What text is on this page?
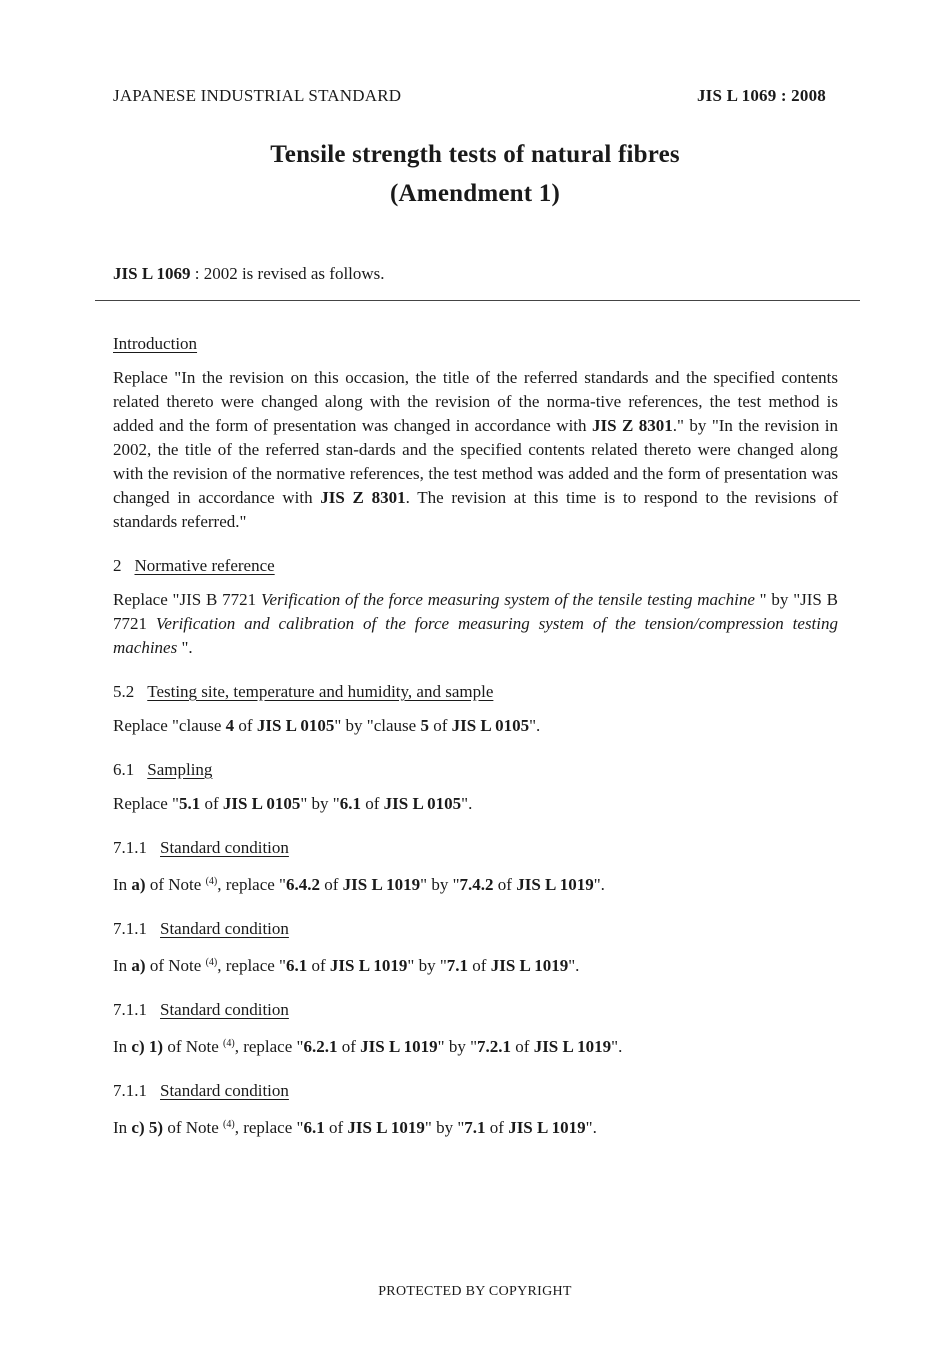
JAPANESE INDUSTRIAL STANDARD	JIS L 1069 : 2008
Tensile strength tests of natural fibres
(Amendment 1)
JIS L 1069 : 2002 is revised as follows.
Introduction
Replace "In the revision on this occasion, the title of the referred standards and the specified contents related thereto were changed along with the revision of the norma-tive references, the test method is added and the form of presentation was changed in accordance with JIS Z 8301." by "In the revision in 2002, the title of the referred stan-dards and the specified contents related thereto were changed along with the revision of the normative references, the test method was added and the form of presentation was changed in accordance with JIS Z 8301. The revision at this time is to respond to the revisions of standards referred."
2 Normative reference
Replace "JIS B 7721 Verification of the force measuring system of the tensile testing machine " by "JIS B 7721 Verification and calibration of the force measuring system of the tension/compression testing machines ".
5.2 Testing site, temperature and humidity, and sample
Replace "clause 4 of JIS L 0105" by "clause 5 of JIS L 0105".
6.1 Sampling
Replace "5.1 of JIS L 0105" by "6.1 of JIS L 0105".
7.1.1 Standard condition
In a) of Note $^{(4)}$, replace "6.4.2 of JIS L 1019" by "7.4.2 of JIS L 1019".
7.1.1 Standard condition
In a) of Note $^{(4)}$, replace "6.1 of JIS L 1019" by "7.1 of JIS L 1019".
7.1.1 Standard condition
In c) 1) of Note $^{(4)}$, replace "6.2.1 of JIS L 1019" by "7.2.1 of JIS L 1019".
7.1.1 Standard condition
In c) 5) of Note $^{(4)}$, replace "6.1 of JIS L 1019" by "7.1 of JIS L 1019".
PROTECTED BY COPYRIGHT
